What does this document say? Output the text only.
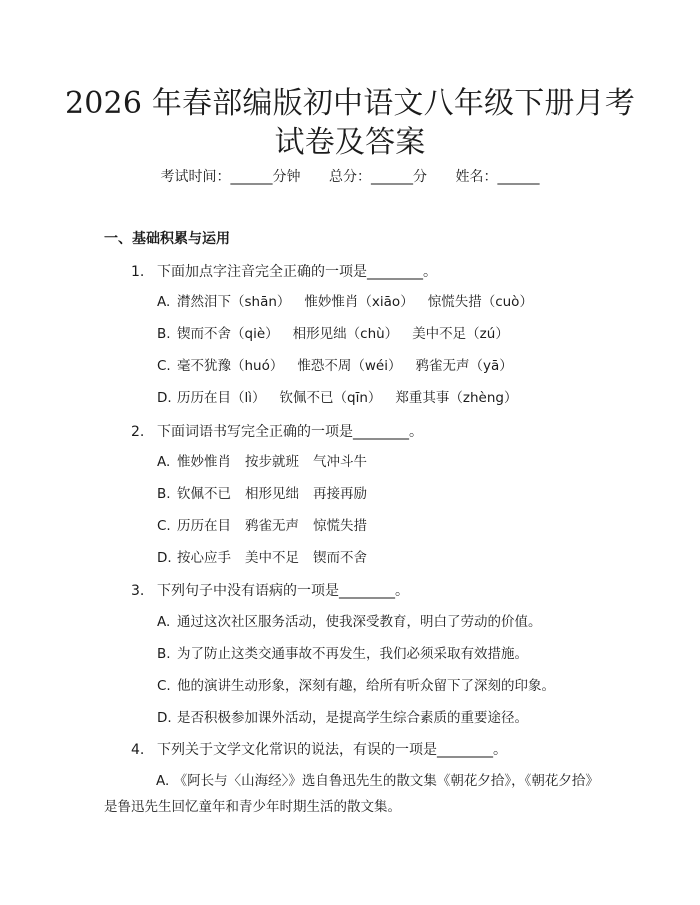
2026 年春部编版初中语文八年级下册月考试卷及答案
考试时间：______分钟 总分：______分 姓名：______
一、基础积累与运用
1. 下面加点字注音完全正确的一项是________。
A. 潸然泪下（shān） 惟妙惟肖（xiāo） 惊慌失措（cuò）
B. 锲而不舍（qiè） 相形见绌（chù） 美中不足（zú）
C. 毫不犹豫（huó） 惟恐不周（wéi） 鸦雀无声（yā）
D. 历历在目（lì） 钦佩不已（qīn） 郑重其事（zhèng）
2. 下面词语书写完全正确的一项是________。
A. 惟妙惟肖 按步就班 气冲斗牛
B. 钦佩不已 相形见绌 再接再励
C. 历历在目 鸦雀无声 惊慌失措
D. 按心应手 美中不足 锲而不舍
3. 下列句子中没有语病的一项是________。
A. 通过这次社区服务活动，使我深受教育，明白了劳动的价值。
B. 为了防止这类交通事故不再发生，我们必须采取有效措施。
C. 他的演讲生动形象，深刻有趣，给所有听众留下了深刻的印象。
D. 是否积极参加课外活动，是提高学生综合素质的重要途径。
4. 下列关于文学文化常识的说法，有误的一项是________。
A. 《阿长与〈山海经〉》选自鲁迅先生的散文集《朝花夕拾》，《朝花夕拾》是鲁迅先生回忆童年和青少年时期生活的散文集。
